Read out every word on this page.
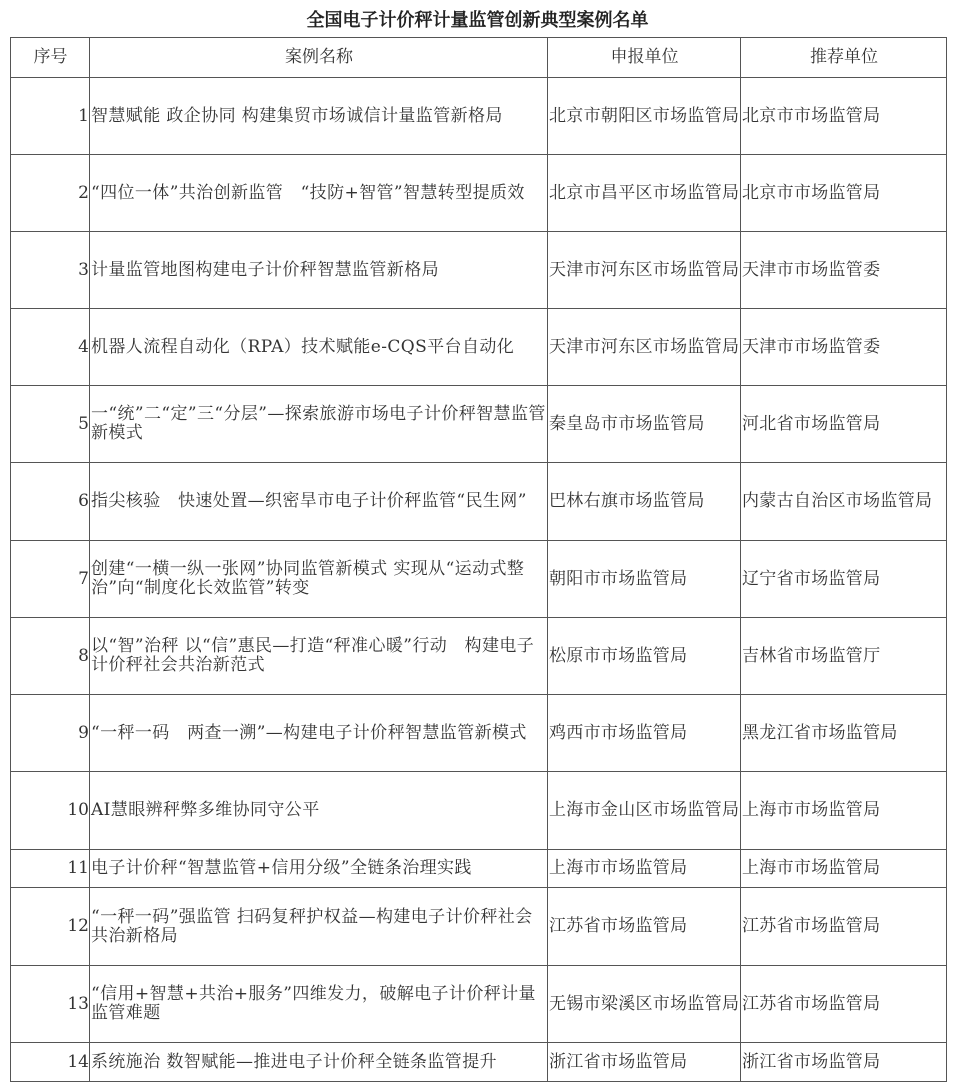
全国电子计价秤计量监管创新典型案例名单
序号	案例名称	申报单位	推荐单位
1	智慧赋能 政企协同 构建集贸市场诚信计量监管新格局	北京市朝阳区市场监管局	北京市市场监管局
2	“四位一体”共治创新监管　“技防+智管”智慧转型提质效	北京市昌平区市场监管局	北京市市场监管局
3	计量监管地图构建电子计价秤智慧监管新格局	天津市河东区市场监管局	天津市市场监管委
4	机器人流程自动化（RPA）技术赋能e-CQS平台自动化	天津市河东区市场监管局	天津市市场监管委
5	一“统”二“定”三“分层”—探索旅游市场电子计价秤智慧监管新模式	秦皇岛市市场监管局	河北省市场监管局
6	指尖核验　快速处置—织密旱市电子计价秤监管“民生网”	巴林右旗市场监管局	内蒙古自治区市场监管局
7	创建“一横一纵一张网”协同监管新模式 实现从“运动式整治”向“制度化长效监管”转变	朝阳市市场监管局	辽宁省市场监管局
8	以“智”治秤 以“信”惠民—打造“秤准心暖”行动　构建电子计价秤社会共治新范式	松原市市场监管局	吉林省市场监管厅
9	“一秤一码　两查一溯”—构建电子计价秤智慧监管新模式	鸡西市市场监管局	黑龙江省市场监管局
10	AI慧眼辨秤弊多维协同守公平	上海市金山区市场监管局	上海市市场监管局
11	电子计价秤“智慧监管+信用分级”全链条治理实践	上海市市场监管局	上海市市场监管局
12	“一秤一码”强监管 扫码复秤护权益—构建电子计价秤社会共治新格局	江苏省市场监管局	江苏省市场监管局
13	“信用+智慧+共治+服务”四维发力，破解电子计价秤计量监管难题	无锡市梁溪区市场监管局	江苏省市场监管局
14	系统施治 数智赋能—推进电子计价秤全链条监管提升	浙江省市场监管局	浙江省市场监管局
